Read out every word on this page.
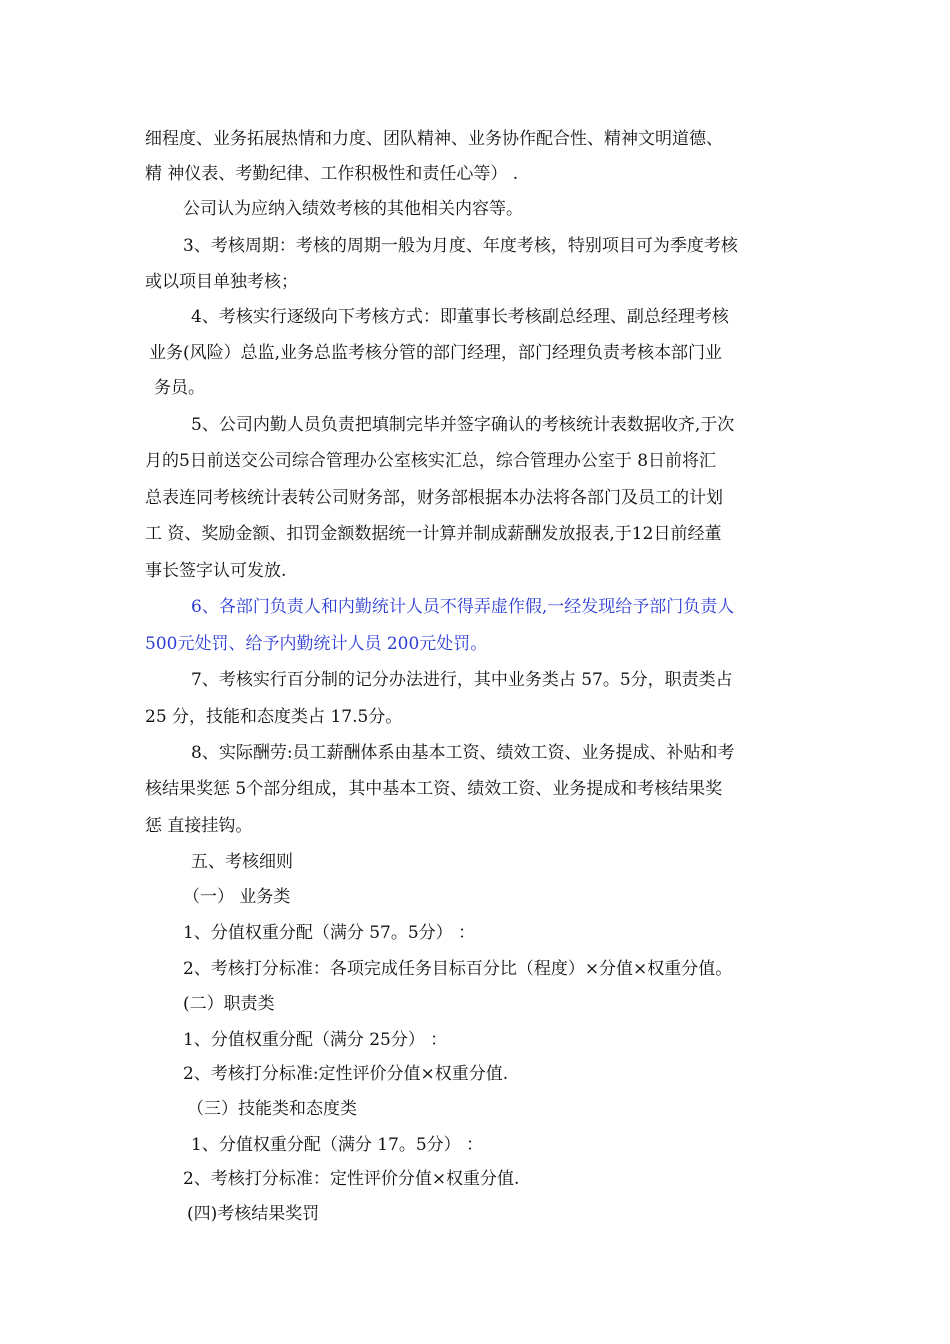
细程度、业务拓展热情和力度、团队精神、业务协作配合性、精神文明道德、
精 神仪表、考勤纪律、工作积极性和责任心等） .
公司认为应纳入绩效考核的其他相关内容等。
3、考核周期：考核的周期一般为月度、年度考核，特别项目可为季度考核
或以项目单独考核；
4、考核实行逐级向下考核方式：即董事长考核副总经理、副总经理考核
业务(风险）总监,业务总监考核分管的部门经理，部门经理负责考核本部门业
务员。
5、公司内勤人员负责把填制完毕并签字确认的考核统计表数据收齐,于次
月的5日前送交公司综合管理办公室核实汇总，综合管理办公室于 8日前将汇
总表连同考核统计表转公司财务部，财务部根据本办法将各部门及员工的计划
工 资、奖励金额、扣罚金额数据统一计算并制成薪酬发放报表,于12日前经董
事长签字认可发放.
6、各部门负责人和内勤统计人员不得弄虚作假,一经发现给予部门负责人
500元处罚、给予内勤统计人员 200元处罚。
7、考核实行百分制的记分办法进行，其中业务类占 57。5分，职责类占
25 分，技能和态度类占 17.5分。
8、实际酬劳:员工薪酬体系由基本工资、绩效工资、业务提成、补贴和考
核结果奖惩 5个部分组成，其中基本工资、绩效工资、业务提成和考核结果奖
惩 直接挂钩。
五、考核细则
（一） 业务类
1、分值权重分配（满分 57。5分） ：
2、考核打分标准：各项完成任务目标百分比（程度）×分值×权重分值。
(二）职责类
1、分值权重分配（满分 25分） ：
2、考核打分标准:定性评价分值×权重分值.
（三）技能类和态度类
1、分值权重分配（满分 17。5分） ：
2、考核打分标准：定性评价分值×权重分值.
(四)考核结果奖罚
